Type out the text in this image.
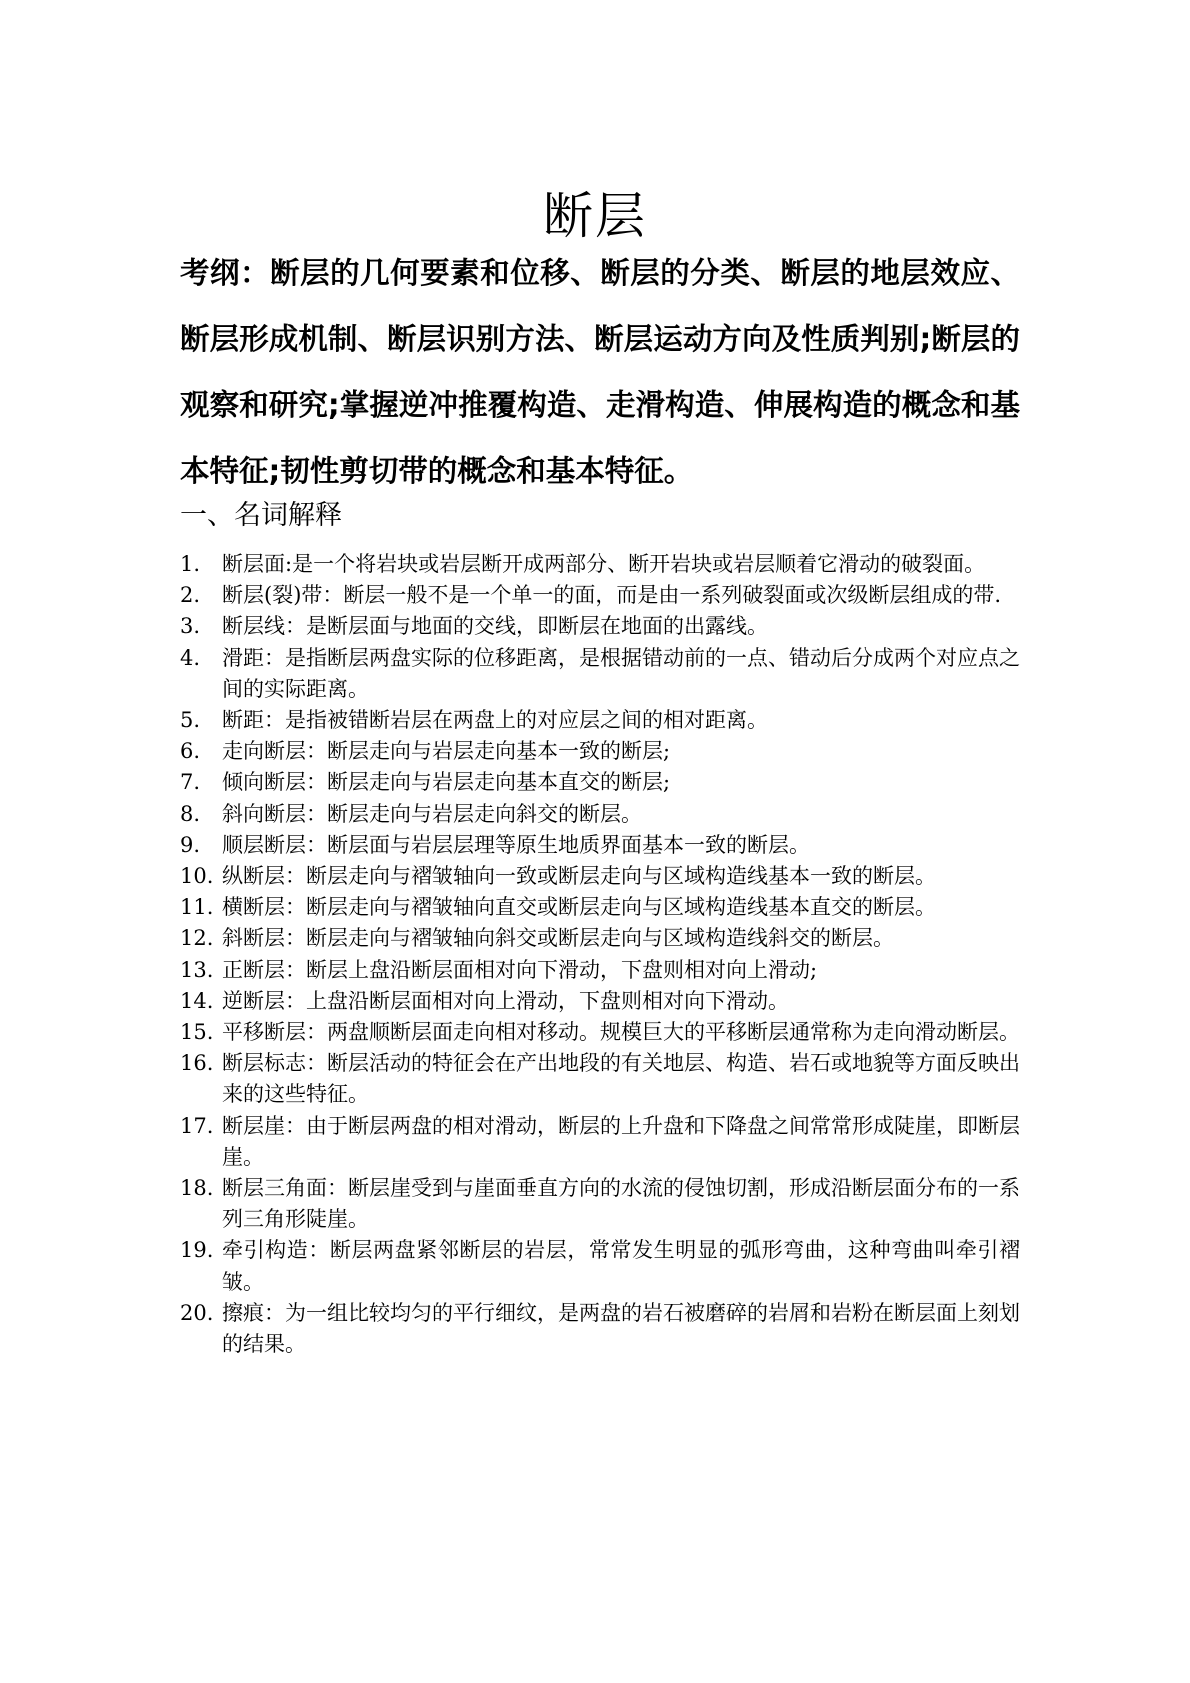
断层
考纲：断层的几何要素和位移、断层的分类、断层的地层效应、断层形成机制、断层识别方法、断层运动方向及性质判别;断层的观察和研究;掌握逆冲推覆构造、走滑构造、伸展构造的概念和基本特征;韧性剪切带的概念和基本特征。
一、名词解释
1.	断层面:是一个将岩块或岩层断开成两部分、断开岩块或岩层顺着它滑动的破裂面。
2.	断层(裂)带：断层一般不是一个单一的面，而是由一系列破裂面或次级断层组成的带.
3.	断层线：是断层面与地面的交线，即断层在地面的出露线。
4.	滑距：是指断层两盘实际的位移距离，是根据错动前的一点、错动后分成两个对应点之间的实际距离。
5.	断距：是指被错断岩层在两盘上的对应层之间的相对距离。
6.	走向断层：断层走向与岩层走向基本一致的断层;
7.	倾向断层：断层走向与岩层走向基本直交的断层;
8.	斜向断层：断层走向与岩层走向斜交的断层。
9.	顺层断层：断层面与岩层层理等原生地质界面基本一致的断层。
10. 纵断层：断层走向与褶皱轴向一致或断层走向与区域构造线基本一致的断层。
11. 横断层：断层走向与褶皱轴向直交或断层走向与区域构造线基本直交的断层。
12. 斜断层：断层走向与褶皱轴向斜交或断层走向与区域构造线斜交的断层。
13. 正断层：断层上盘沿断层面相对向下滑动，下盘则相对向上滑动;
14. 逆断层：上盘沿断层面相对向上滑动，下盘则相对向下滑动。
15. 平移断层：两盘顺断层面走向相对移动。规模巨大的平移断层通常称为走向滑动断层。
16. 断层标志：断层活动的特征会在产出地段的有关地层、构造、岩石或地貌等方面反映出来的这些特征。
17. 断层崖：由于断层两盘的相对滑动，断层的上升盘和下降盘之间常常形成陡崖，即断层崖。
18. 断层三角面：断层崖受到与崖面垂直方向的水流的侵蚀切割，形成沿断层面分布的一系列三角形陡崖。
19. 牵引构造：断层两盘紧邻断层的岩层，常常发生明显的弧形弯曲，这种弯曲叫牵引褶皱。
20. 擦痕：为一组比较均匀的平行细纹，是两盘的岩石被磨碎的岩屑和岩粉在断层面上刻划的结果。
